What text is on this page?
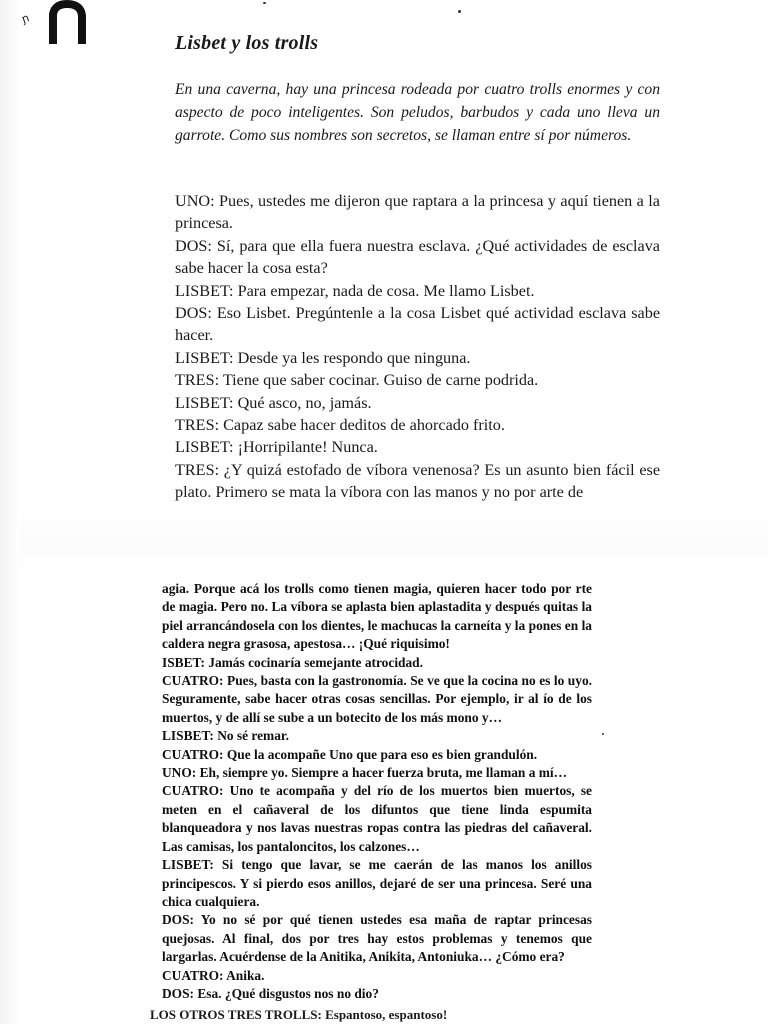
ɲ
Lisbet y los trolls

En una caverna, hay una princesa rodeada por cuatro trolls enormes y con aspecto de poco inteligentes. Son peludos, barbudos y cada uno lleva un garrote. Como sus nombres son secretos, se llaman entre sí por números.

UNO: Pues, ustedes me dijeron que raptara a la princesa y aquí tienen a la princesa.

DOS: Sí, para que ella fuera nuestra esclava. ¿Qué actividades de esclava sabe hacer la cosa esta?

LISBET: Para empezar, nada de cosa. Me llamo Lisbet.

DOS: Eso Lisbet. Pregúntenle a la cosa Lisbet qué actividad esclava sabe hacer.

LISBET: Desde ya les respondo que ninguna.

TRES: Tiene que saber cocinar. Guiso de carne podrida.

LISBET: Qué asco, no, jamás.

TRES: Capaz sabe hacer deditos de ahorcado frito.

LISBET: ¡Horripilante! Nunca.

TRES: ¿Y quizá estofado de víbora venenosa? Es un asunto bien fácil ese plato. Primero se mata la víbora con las manos y no por arte de

agia. Porque acá los trolls como tienen magia, quieren hacer todo por rte de magia. Pero no. La víbora se aplasta bien aplastadita y después quitas la piel arrancándosela con los dientes, le machucas la carneíta y la pones en la caldera negra grasosa, apestosa… ¡Qué riquisimo!

ISBET: Jamás cocinaría semejante atrocidad.

CUATRO: Pues, basta con la gastronomía. Se ve que la cocina no es lo uyo. Seguramente, sabe hacer otras cosas sencillas. Por ejemplo, ir al ío de los muertos, y de allí se sube a un botecito de los más mono y…

LISBET: No sé remar.

CUATRO: Que la acompañe Uno que para eso es bien grandulón.

UNO: Eh, siempre yo. Siempre a hacer fuerza bruta, me llaman a mí…

CUATRO: Uno te acompaña y del río de los muertos bien muertos, se meten en el cañaveral de los difuntos que tiene linda espumita blanqueadora y nos lavas nuestras ropas contra las piedras del cañaveral. Las camisas, los pantaloncitos, los calzones…

LISBET: Si tengo que lavar, se me caerán de las manos los anillos principescos. Y si pierdo esos anillos, dejaré de ser una princesa. Seré una chica cualquiera.

DOS: Yo no sé por qué tienen ustedes esa maña de raptar princesas quejosas. Al final, dos por tres hay estos problemas y tenemos que largarlas. Acuérdense de la Anitika, Anikita, Antoniuka… ¿Cómo era?

CUATRO: Anika.

DOS: Esa. ¿Qué disgustos nos no dio?

LOS OTROS TRES TROLLS: Espantoso, espantoso!
